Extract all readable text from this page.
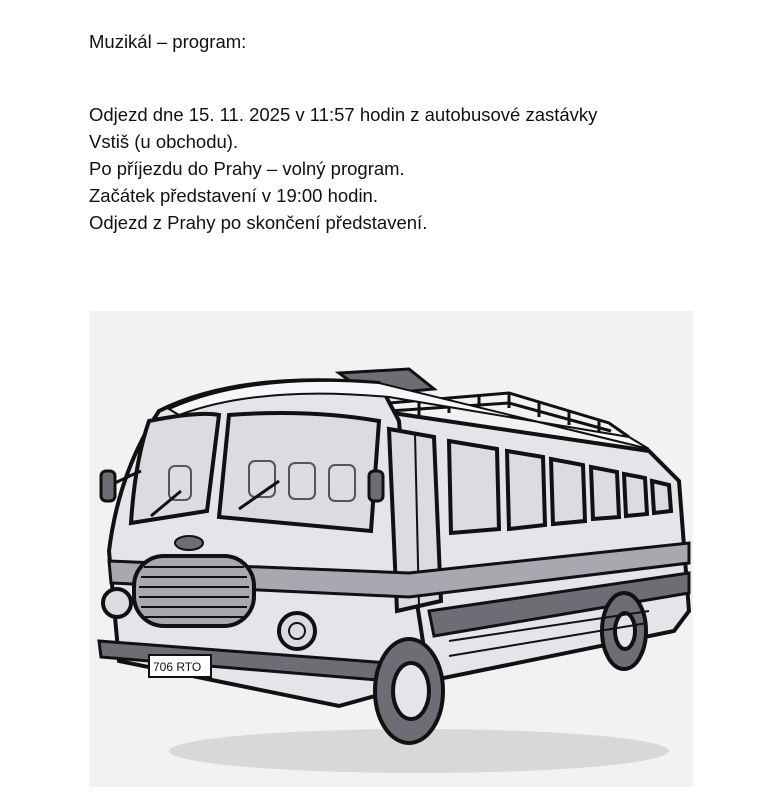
Muzikál – program:
Odjezd dne 15. 11. 2025 v 11:57 hodin z autobusové zastávky
Vstiš (u obchodu).
Po příjezdu do Prahy – volný program.
Začátek představení v 19:00 hodin.
Odjezd z Prahy po skončení představení.
706 RTO
